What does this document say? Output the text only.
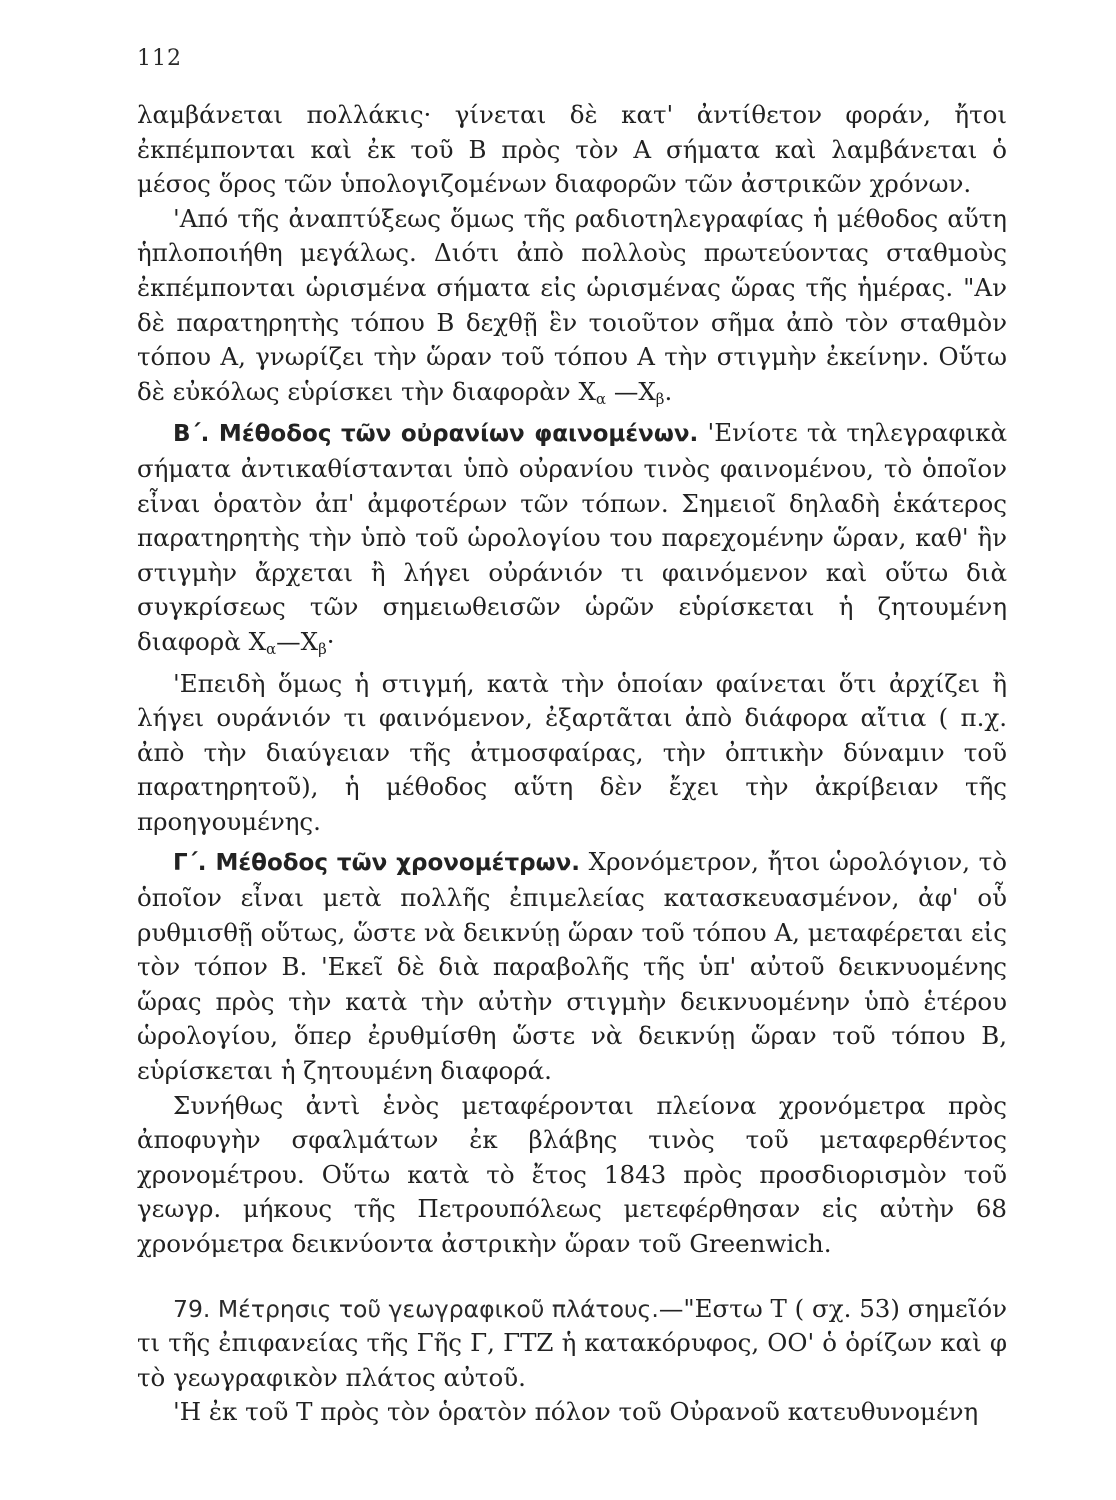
112

λαμβάνεται πολλάκις· γίνεται δὲ κατ' ἀντίθετον φοράν, ἤτοι ἐκπέμπονται καὶ ἐκ τοῦ Β πρὸς τὸν Α σήματα καὶ λαμβάνεται ὁ μέσος ὅρος τῶν ὑπολογιζομένων διαφορῶν τῶν ἀστρικῶν χρόνων.

'Από τῆς ἀναπτύξεως ὅμως τῆς ραδιοτηλεγραφίας ἡ μέθοδος αὕτη ἡπλοποιήθη μεγάλως. Διότι ἀπὸ πολλοὺς πρωτεύοντας σταθμοὺς ἐκπέμπονται ὡρισμένα σήματα εἰς ὡρισμένας ὥρας τῆς ἡμέρας. "Αν δὲ παρατηρητὴς τόπου Β δεχθῇ ἓν τοιοῦτον σῆμα ἀπὸ τὸν σταθμὸν τόπου Α, γνωρίζει τὴν ὥραν τοῦ τόπου Α τὴν στιγμὴν ἐκείνην. Οὕτω δὲ εὐκόλως εὑρίσκει τὴν διαφορὰν $X_\alpha$ $—X_\beta$.

Β΄. Μέθοδος τῶν οὐρανίων φαινομένων. 'Ενίοτε τὰ τηλεγραφικὰ σήματα ἀντικαθίστανται ὑπὸ οὐρανίου τινὸς φαινομένου, τὸ ὁποῖον εἶναι ὁρατὸν ἀπ' ἀμφοτέρων τῶν τόπων. Σημειοῖ δηλαδὴ ἑκάτερος παρατηρητὴς τὴν ὑπὸ τοῦ ὡρολογίου του παρεχομένην ὥραν, καθ' ἣν στιγμὴν ἄρχεται ἢ λήγει οὐράνιόν τι φαινόμενον καὶ οὕτω διὰ συγκρίσεως τῶν σημειωθεισῶν ὡρῶν εὑρίσκεται ἡ ζητουμένη διαφορὰ $X_\alpha—X_\beta\cdot$

'Επειδὴ ὅμως ἡ στιγμή, κατὰ τὴν ὁποίαν φαίνεται ὅτι ἀρχίζει ἢ λήγει ουράνιόν τι φαινόμενον, ἐξαρτᾶται ἀπὸ διάφορα αἴτια ( π.χ. ἀπὸ τὴν διαύγειαν τῆς ἀτμοσφαίρας, τὴν ὀπτικὴν δύναμιν τοῦ παρατηρητοῦ), ἡ μέθοδος αὕτη δὲν ἔχει τὴν ἀκρίβειαν τῆς προηγουμένης.

Γ΄. Μέθοδος τῶν χρονομέτρων. Χρονόμετρον, ἤτοι ὡρολόγιον, τὸ ὁποῖον εἶναι μετὰ πολλῆς ἐπιμελείας κατασκευασμένον, ἀφ' οὗ ρυθμισθῇ οὕτως, ὥστε νὰ δεικνύῃ ὥραν τοῦ τόπου Α, μεταφέρεται εἰς τὸν τόπον Β. 'Εκεῖ δὲ διὰ παραβολῆς τῆς ὑπ' αὐτοῦ δεικνυομένης ὥρας πρὸς τὴν κατὰ τὴν αὐτὴν στιγμὴν δεικνυομένην ὑπὸ ἑτέρου ὡρολογίου, ὅπερ ἐρυθμίσθη ὥστε νὰ δεικνύῃ ὥραν τοῦ τόπου Β, εὑρίσκεται ἡ ζητουμένη διαφορά.

Συνήθως ἀντὶ ἑνὸς μεταφέρονται πλείονα χρονόμετρα πρὸς ἀποφυγὴν σφαλμάτων ἐκ βλάβης τινὸς τοῦ μεταφερθέντος χρονομέτρου. Οὕτω κατὰ τὸ ἔτος 1843 πρὸς προσδιορισμὸν τοῦ γεωγρ. μήκους τῆς Πετρουπόλεως μετεφέρθησαν εἰς αὐτὴν 68 χρονόμετρα δεικνύοντα ἀστρικὴν ὥραν τοῦ Greenwich.

79. Μέτρησις τοῦ γεωγραφικοῦ πλάτους.—"Εστω Τ ( σχ. 53) σημεῖόν τι τῆς ἐπιφανείας τῆς Γῆς Γ, ΓΤΖ ἡ κατακόρυφος, ΟΟ' ὁ ὁρίζων καὶ φ τὸ γεωγραφικὸν πλάτος αὐτοῦ.

'Η ἐκ τοῦ Τ πρὸς τὸν ὁρατὸν πόλον τοῦ Οὐρανοῦ κατευθυνομένη
